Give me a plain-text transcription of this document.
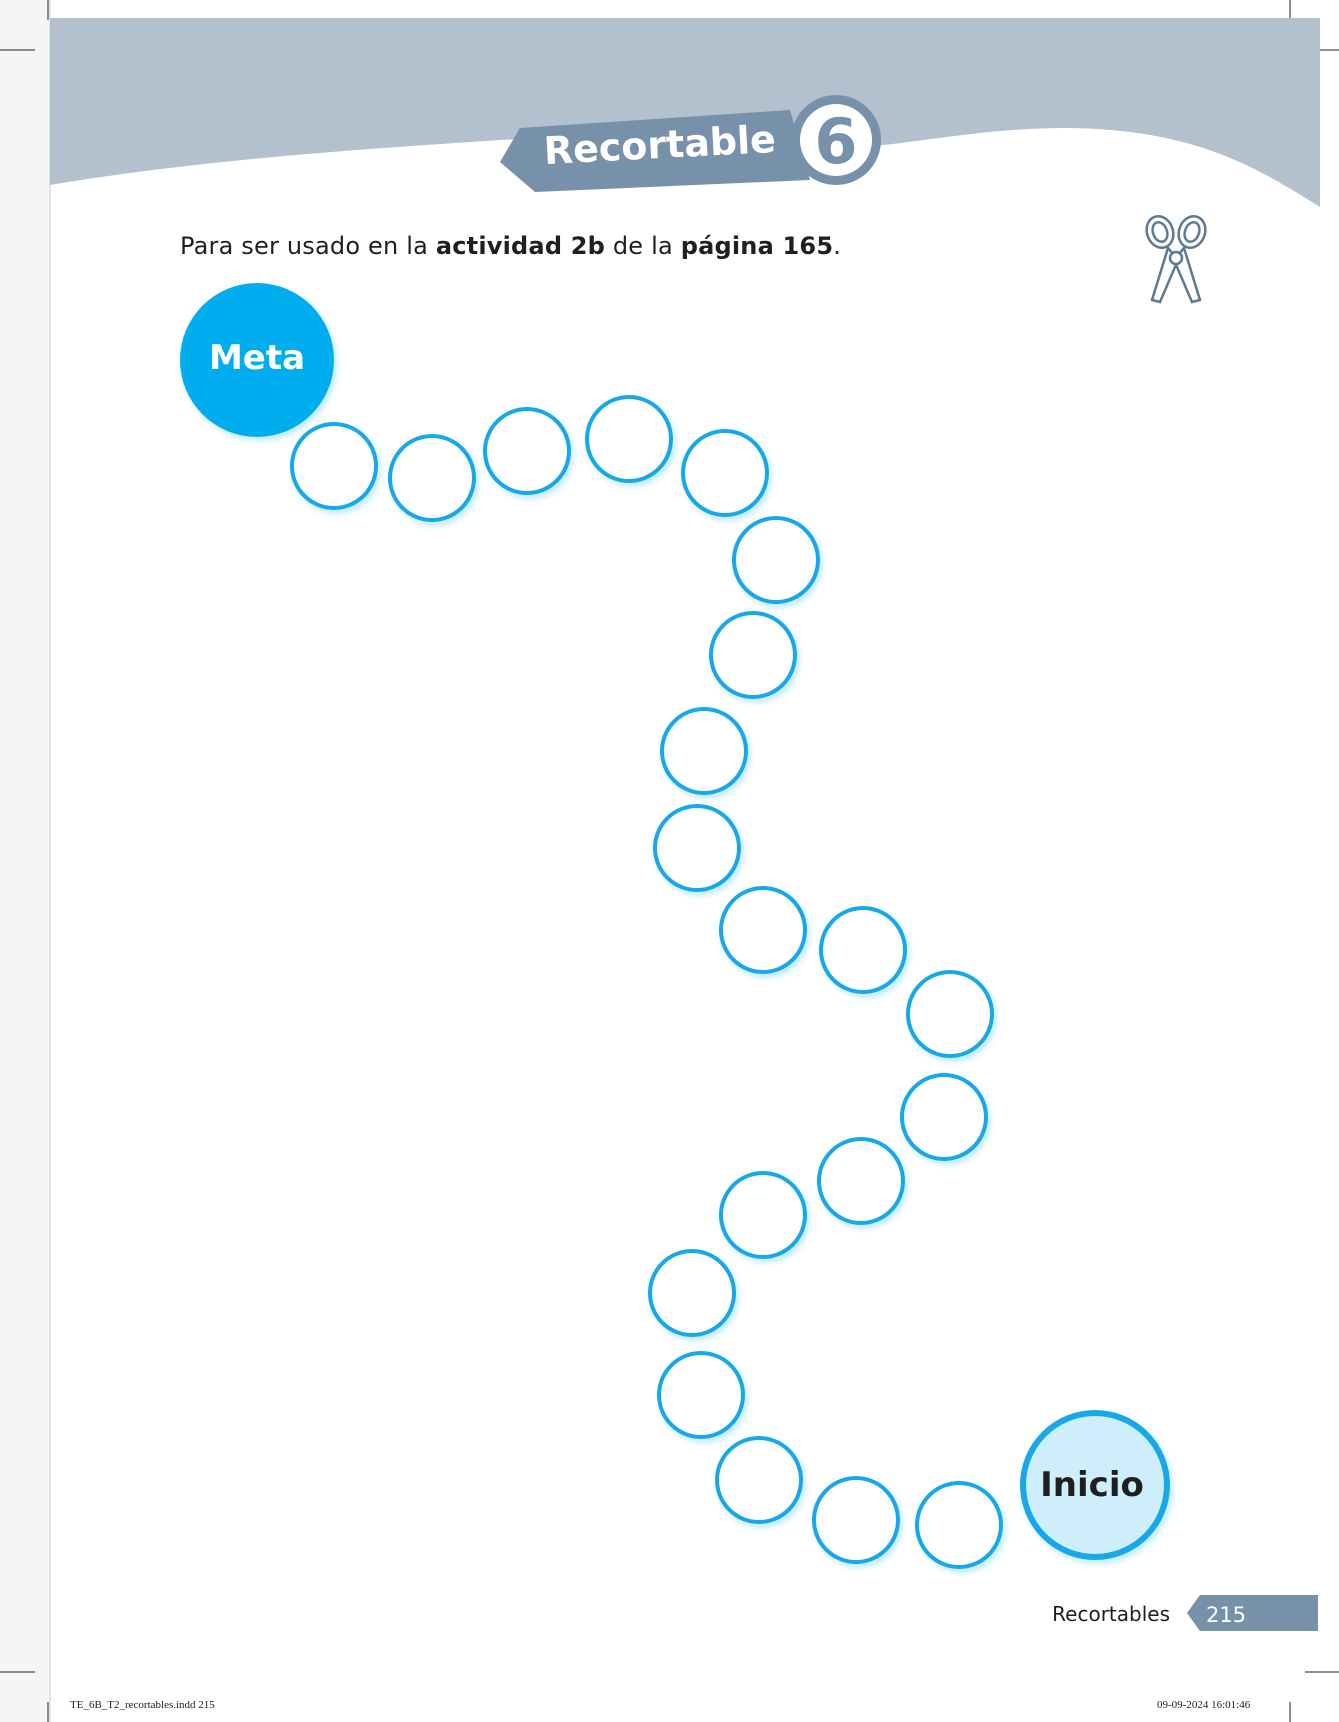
Recortable 6
Meta
Inicio
Recortables 215
Para ser usado en la actividad 2b de la página 165.
TE_6B_T2_recortables.indd 215	09-09-2024 16:01:46
